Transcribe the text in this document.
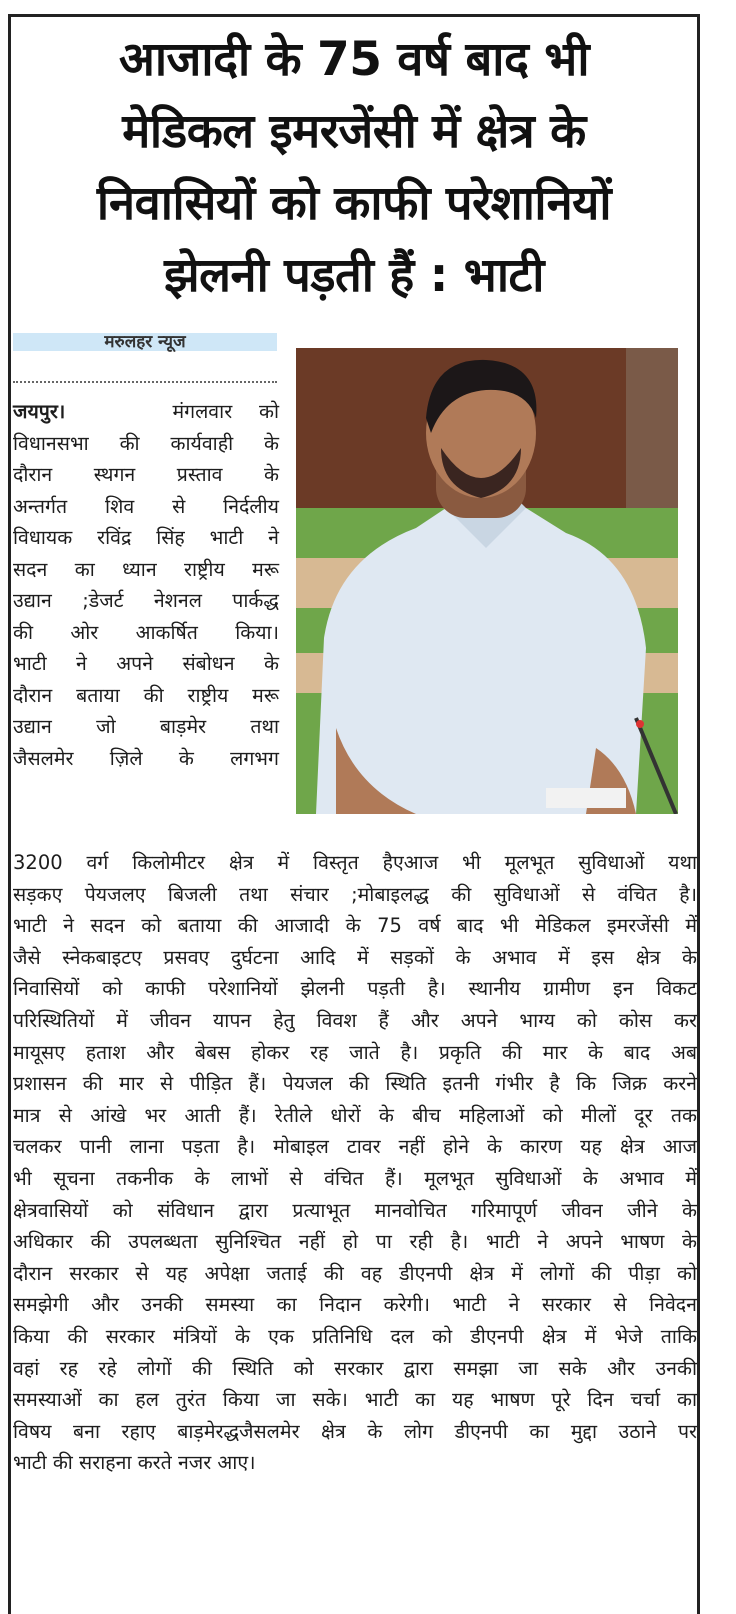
आजादी के 75 वर्ष बाद भी
मेडिकल इमरजेंसी में क्षेत्र के
निवासियों को काफी परेशानियों
झेलनी पड़ती हैं : भाटी
मरुलहर न्यूज
जयपुर।	मंगलवार को
विधानसभा की कार्यवाही के
दौरान स्थगन प्रस्ताव के
अन्तर्गत शिव से निर्दलीय
विधायक रविंद्र सिंह भाटी ने
सदन का ध्यान राष्ट्रीय मरू
उद्यान ;डेजर्ट नेशनल पार्कद्ध
की ओर आकर्षित किया।
भाटी ने अपने संबोधन के
दौरान बताया की राष्ट्रीय मरू
उद्यान जो बाड़मेर तथा
जैसलमेर ज़िले के लगभग
3200 वर्ग किलोमीटर क्षेत्र में विस्तृत हैएआज भी मूलभूत सुविधाओं यथा
सड़कए पेयजलए बिजली तथा संचार ;मोबाइलद्ध की सुविधाओं से वंचित है।
भाटी ने सदन को बताया की आजादी के 75 वर्ष बाद भी मेडिकल इमरजेंसी में
जैसे स्नेकबाइटए प्रसवए दुर्घटना आदि में सड़कों के अभाव में इस क्षेत्र के
निवासियों को काफी परेशानियों झेलनी पड़ती है। स्थानीय ग्रामीण इन विकट
परिस्थितियों में जीवन यापन हेतु विवश हैं और अपने भाग्य को कोस कर
मायूसए हताश और बेबस होकर रह जाते है। प्रकृति की मार के बाद अब
प्रशासन की मार से पीड़ित हैं। पेयजल की स्थिति इतनी गंभीर है कि जिक्र करने
मात्र से आंखे भर आती हैं। रेतीले धोरों के बीच महिलाओं को मीलों दूर तक
चलकर पानी लाना पड़ता है। मोबाइल टावर नहीं होने के कारण यह क्षेत्र आज
भी सूचना तकनीक के लाभों से वंचित हैं। मूलभूत सुविधाओं के अभाव में
क्षेत्रवासियों को संविधान द्वारा प्रत्याभूत मानवोचित गरिमापूर्ण जीवन जीने के
अधिकार की उपलब्धता सुनिश्चित नहीं हो पा रही है। भाटी ने अपने भाषण के
दौरान सरकार से यह अपेक्षा जताई की वह डीएनपी क्षेत्र में लोगों की पीड़ा को
समझेगी और उनकी समस्या का निदान करेगी। भाटी ने सरकार से निवेदन
किया की सरकार मंत्रियों के एक प्रतिनिधि दल को डीएनपी क्षेत्र में भेजे ताकि
वहां रह रहे लोगों की स्थिति को सरकार द्वारा समझा जा सके और उनकी
समस्याओं का हल तुरंत किया जा सके। भाटी का यह भाषण पूरे दिन चर्चा का
विषय बना रहाए बाड़मेरद्धजैसलमेर क्षेत्र के लोग डीएनपी का मुद्दा उठाने पर
भाटी की सराहना करते नजर आए।
